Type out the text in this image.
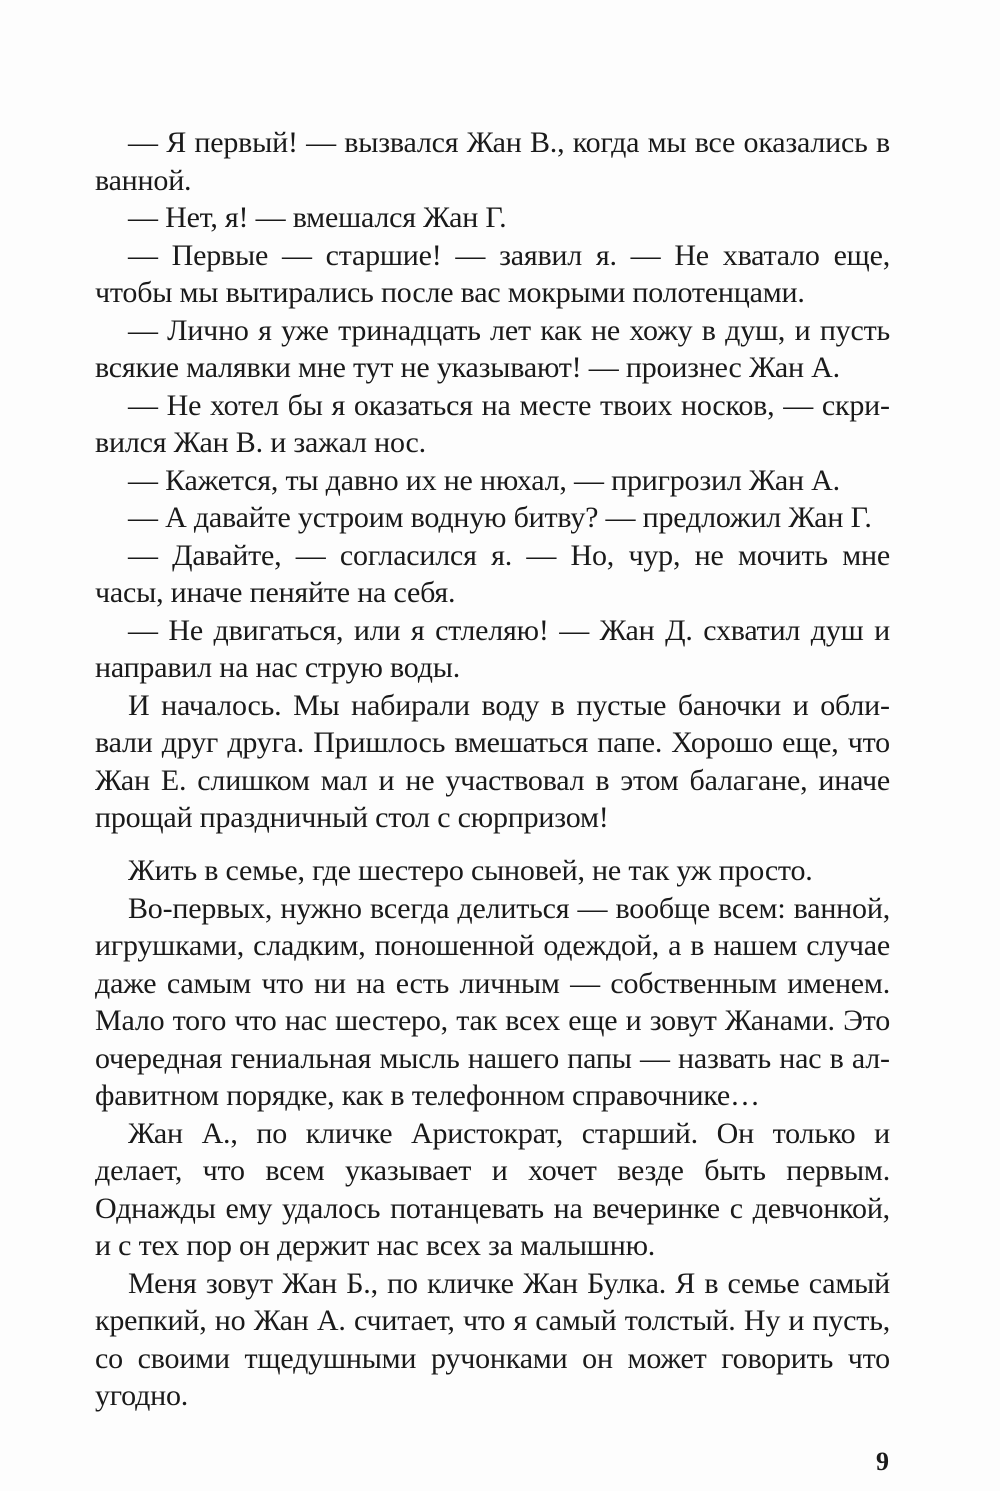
— Я первый! — вызвался Жан В., когда мы все оказались в ванной.

— Нет, я! — вмешался Жан Г.

— Первые — старшие! — заявил я. — Не хватало еще, чтобы мы вытирались после вас мокрыми полотенцами.

— Лично я уже тринадцать лет как не хожу в душ, и пусть всякие малявки мне тут не указывают! — произнес Жан А.

— Не хотел бы я оказаться на месте твоих носков, — скривился Жан В. и зажал нос.

— Кажется, ты давно их не нюхал, — пригрозил Жан А.

— А давайте устроим водную битву? — предложил Жан Г.

— Давайте, — согласился я. — Но, чур, не мочить мне часы, иначе пеняйте на себя.

— Не двигаться, или я стлеляю! — Жан Д. схватил душ и направил на нас струю воды.

И началось. Мы набирали воду в пустые баночки и обливали друг друга. Пришлось вмешаться папе. Хорошо еще, что Жан Е. слишком мал и не участвовал в этом балагане, иначе прощай праздничный стол с сюрпризом!

Жить в семье, где шестеро сыновей, не так уж просто.

Во-первых, нужно всегда делиться — вообще всем: ванной, игрушками, сладким, поношенной одеждой, а в нашем случае даже самым что ни на есть личным — собственным именем. Мало того что нас шестеро, так всех еще и зовут Жанами. Это очередная гениальная мысль нашего папы — назвать нас в алфавитном порядке, как в телефонном справочнике…

Жан А., по кличке Аристократ, старший. Он только и делает, что всем указывает и хочет везде быть первым. Однажды ему удалось потанцевать на вечеринке с девчонкой, и с тех пор он держит нас всех за малышню.

Меня зовут Жан Б., по кличке Жан Булка. Я в семье самый крепкий, но Жан А. считает, что я самый толстый. Ну и пусть, со своими тщедушными ручонками он может говорить что угодно.

9
